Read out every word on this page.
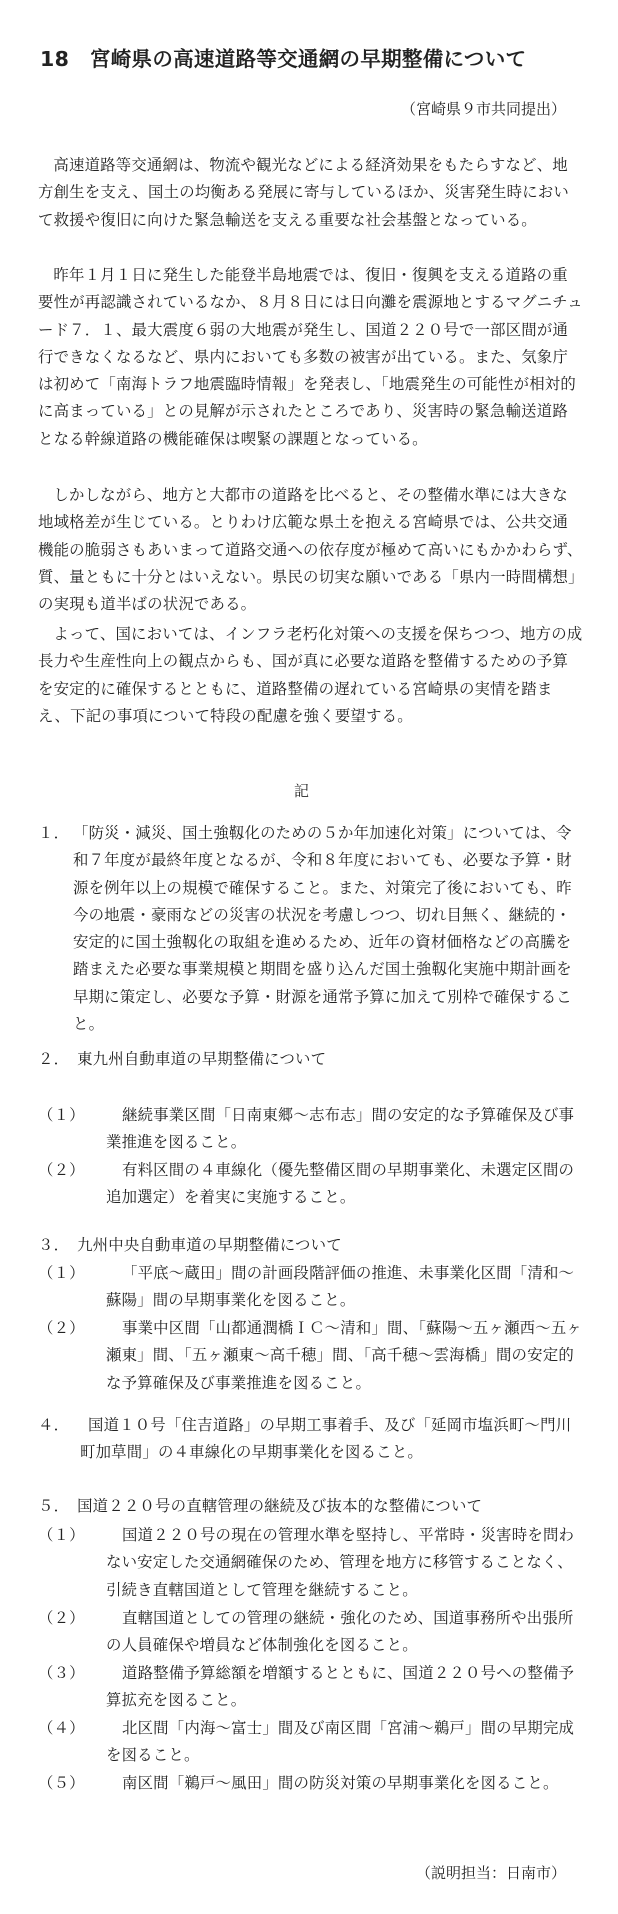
18　宮崎県の高速道路等交通網の早期整備について
（宮崎県９市共同提出）
高速道路等交通網は、物流や観光などによる経済効果をもたらすなど、地方創生を支え、国土の均衡ある発展に寄与しているほか、災害発生時において救援や復旧に向けた緊急輸送を支える重要な社会基盤となっている。
昨年１月１日に発生した能登半島地震では、復旧・復興を支える道路の重要性が再認識されているなか、８月８日には日向灘を震源地とするマグニチュード７．１、最大震度６弱の大地震が発生し、国道２２０号で一部区間が通行できなくなるなど、県内においても多数の被害が出ている。また、気象庁は初めて「南海トラフ地震臨時情報」を発表し、「地震発生の可能性が相対的に高まっている」との見解が示されたところであり、災害時の緊急輸送道路となる幹線道路の機能確保は喫緊の課題となっている。
しかしながら、地方と大都市の道路を比べると、その整備水準には大きな地域格差が生じている。とりわけ広範な県土を抱える宮崎県では、公共交通機能の脆弱さもあいまって道路交通への依存度が極めて高いにもかかわらず、質、量ともに十分とはいえない。県民の切実な願いである「県内一時間構想」の実現も道半ばの状況である。
よって、国においては、インフラ老朽化対策への支援を保ちつつ、地方の成長力や生産性向上の観点からも、国が真に必要な道路を整備するための予算を安定的に確保するとともに、道路整備の遅れている宮崎県の実情を踏まえ、下記の事項について特段の配慮を強く要望する。
記
１． 「防災・減災、国土強靱化のための５か年加速化対策」については、令和７年度が最終年度となるが、令和８年度においても、必要な予算・財源を例年以上の規模で確保すること。また、対策完了後においても、昨今の地震・豪雨などの災害の状況を考慮しつつ、切れ目無く、継続的・安定的に国土強靱化の取組を進めるため、近年の資材価格などの高騰を踏まえた必要な事業規模と期間を盛り込んだ国土強靱化実施中期計画を早期に策定し、必要な予算・財源を通常予算に加えて別枠で確保すること。
２．　東九州自動車道の早期整備について
（１）	継続事業区間「日南東郷～志布志」間の安定的な予算確保及び事業推進を図ること。
（２）	有料区間の４車線化（優先整備区間の早期事業化、未選定区間の追加選定）を着実に実施すること。
３．　九州中央自動車道の早期整備について
（１）	「平底～蔵田」間の計画段階評価の推進、未事業化区間「清和～蘇陽」間の早期事業化を図ること。
（２）	事業中区間「山都通潤橋ＩＣ～清和」間、「蘇陽～五ヶ瀬西～五ヶ瀬東」間、「五ヶ瀬東～高千穂」間、「高千穂～雲海橋」間の安定的な予算確保及び事業推進を図ること。
４．	国道１０号「住吉道路」の早期工事着手、及び「延岡市塩浜町～門川町加草間」の４車線化の早期事業化を図ること。
５．　国道２２０号の直轄管理の継続及び抜本的な整備について
（１）	国道２２０号の現在の管理水準を堅持し、平常時・災害時を問わない安定した交通網確保のため、管理を地方に移管することなく、引続き直轄国道として管理を継続すること。
（２）	直轄国道としての管理の継続・強化のため、国道事務所や出張所の人員確保や増員など体制強化を図ること。
（３）	道路整備予算総額を増額するとともに、国道２２０号への整備予算拡充を図ること。
（４）	北区間「内海～富士」間及び南区間「宮浦～鵜戸」間の早期完成を図ること。
（５）	南区間「鵜戸～風田」間の防災対策の早期事業化を図ること。
（説明担当：日南市）
